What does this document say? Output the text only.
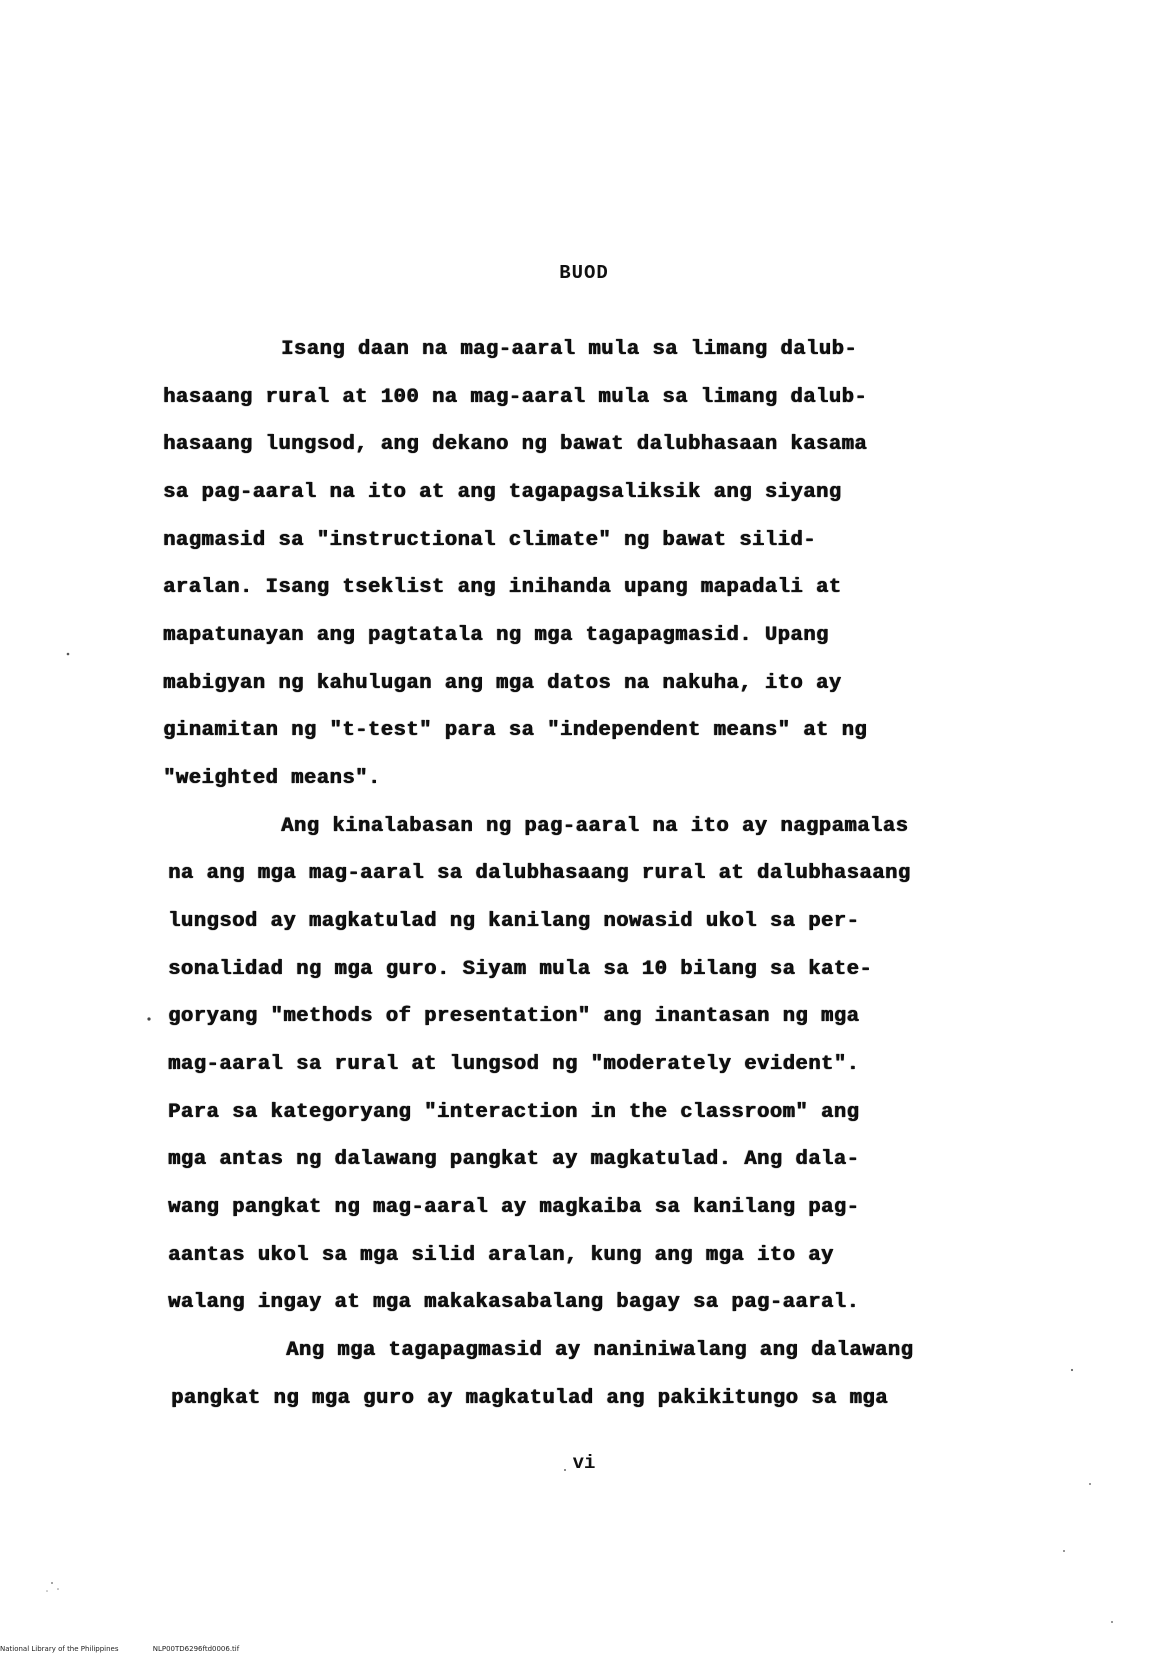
BUOD
Isang daan na mag-aaral mula sa limang dalub-
hasaang rural at 100 na mag-aaral mula sa limang dalub-
hasaang lungsod, ang dekano ng bawat dalubhasaan kasama
sa pag-aaral na ito at ang tagapagsaliksik ang siyang
nagmasid sa "instructional climate" ng bawat silid-
aralan. Isang tseklist ang inihanda upang mapadali at
mapatunayan ang pagtatala ng mga tagapagmasid. Upang
mabigyan ng kahulugan ang mga datos na nakuha, ito ay
ginamitan ng "t-test" para sa "independent means" at ng
"weighted means".
Ang kinalabasan ng pag-aaral na ito ay nagpamalas
na ang mga mag-aaral sa dalubhasaang rural at dalubhasaang
lungsod ay magkatulad ng kanilang nowasid ukol sa per-
sonalidad ng mga guro. Siyam mula sa 10 bilang sa kate-
goryang "methods of presentation" ang inantasan ng mga
mag-aaral sa rural at lungsod ng "moderately evident".
Para sa kategoryang "interaction in the classroom" ang
mga antas ng dalawang pangkat ay magkatulad. Ang dala-
wang pangkat ng mag-aaral ay magkaiba sa kanilang pag-
aantas ukol sa mga silid aralan, kung ang mga ito ay
walang ingay at mga makakasabalang bagay sa pag-aaral.
Ang mga tagapagmasid ay naniniwalang ang dalawang
pangkat ng mga guro ay magkatulad ang pakikitungo sa mga
vi
National Library of the Philippines	NLP00TD6296ftd0006.tif
